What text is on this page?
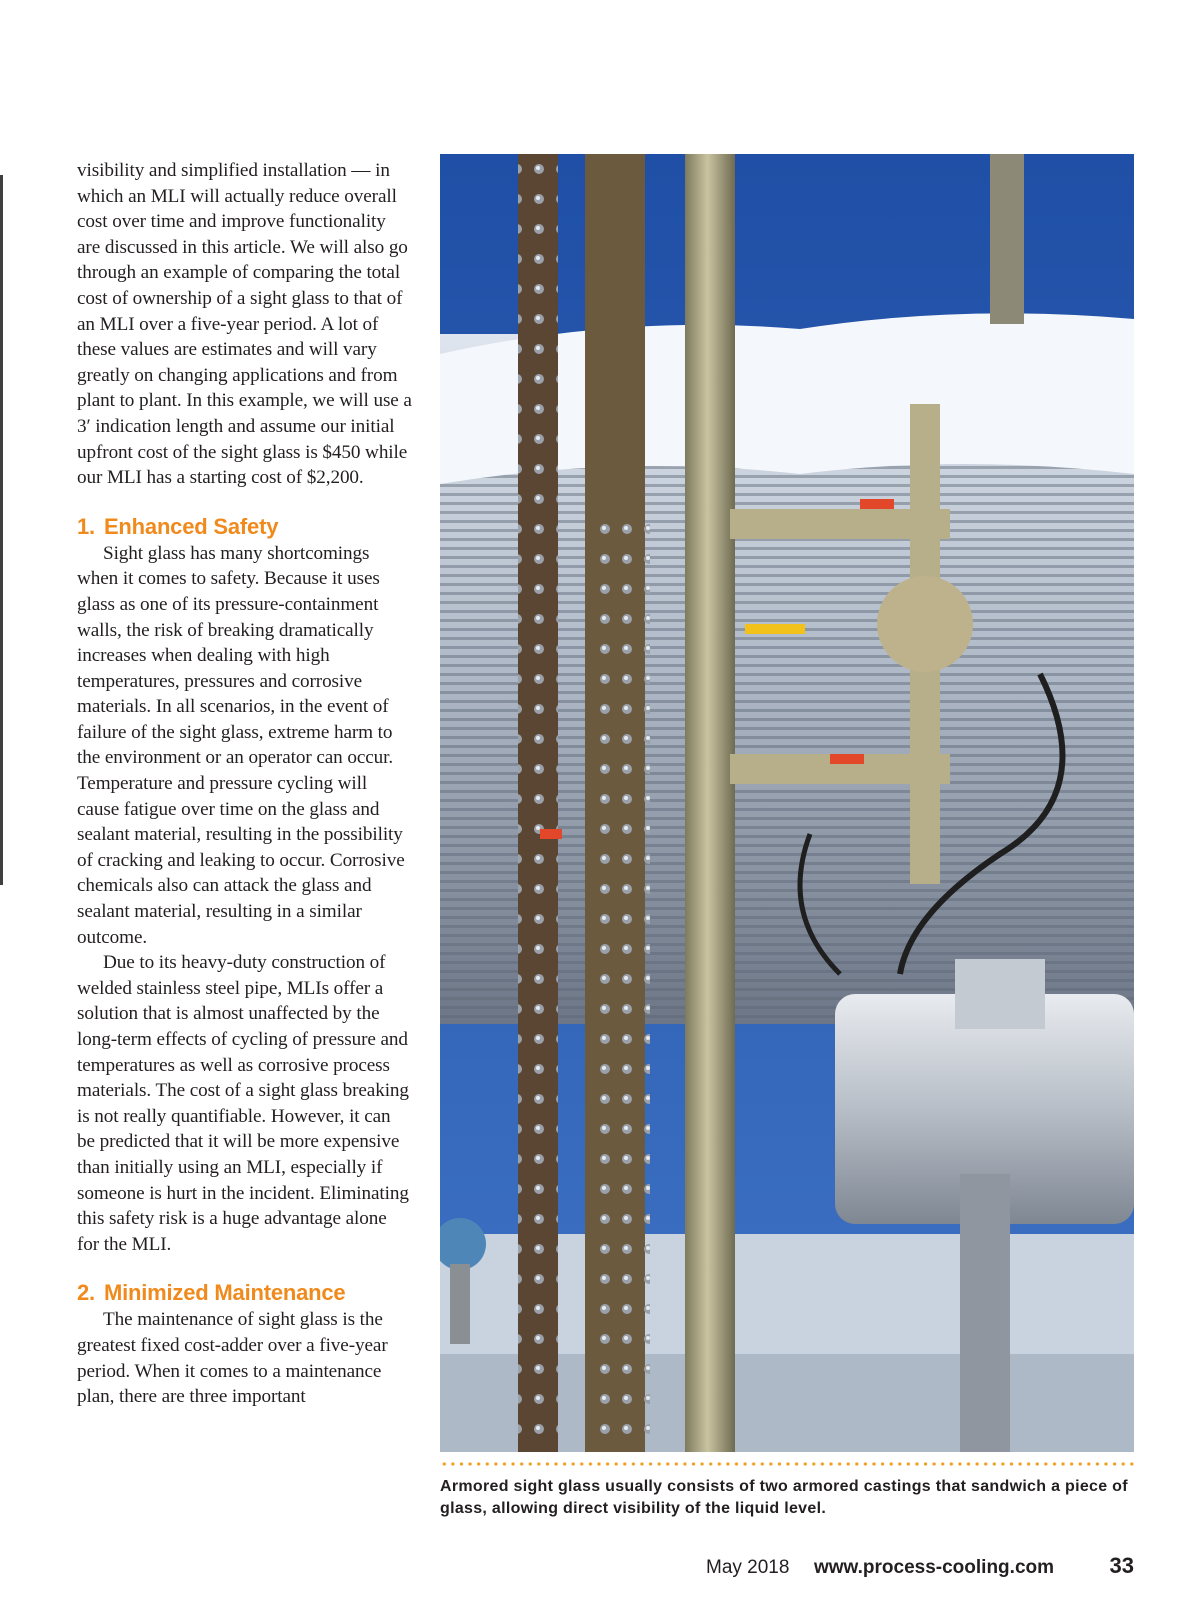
visibility and simplified installation — in which an MLI will actually reduce overall cost over time and improve functionality are discussed in this article. We will also go through an example of comparing the total cost of ownership of a sight glass to that of an MLI over a five-year period. A lot of these values are estimates and will vary greatly on changing applications and from plant to plant. In this example, we will use a 3′ indication length and assume our initial upfront cost of the sight glass is $450 while our MLI has a starting cost of $2,200.

1. Enhanced Safety

Sight glass has many shortcomings when it comes to safety. Because it uses glass as one of its pressure-containment walls, the risk of breaking dramatically increases when dealing with high temperatures, pressures and corrosive materials. In all scenarios, in the event of failure of the sight glass, extreme harm to the environment or an operator can occur. Temperature and pressure cycling will cause fatigue over time on the glass and sealant material, resulting in the possibility of cracking and leaking to occur. Corrosive chemicals also can attack the glass and sealant material, resulting in a similar outcome.

Due to its heavy-duty construction of welded stainless steel pipe, MLIs offer a solution that is almost unaffected by the long-term effects of cycling of pressure and temperatures as well as corrosive process materials. The cost of a sight glass breaking is not really quantifiable. However, it can be predicted that it will be more expensive than initially using an MLI, especially if someone is hurt in the incident. Eliminating this safety risk is a huge advantage alone for the MLI.

2. Minimized Maintenance

The maintenance of sight glass is the greatest fixed cost-adder over a five-year period. When it comes to a maintenance plan, there are three important

Armored sight glass usually consists of two armored castings that sandwich a piece of glass, allowing direct visibility of the liquid level.

May 2018 www.process-cooling.com	33
